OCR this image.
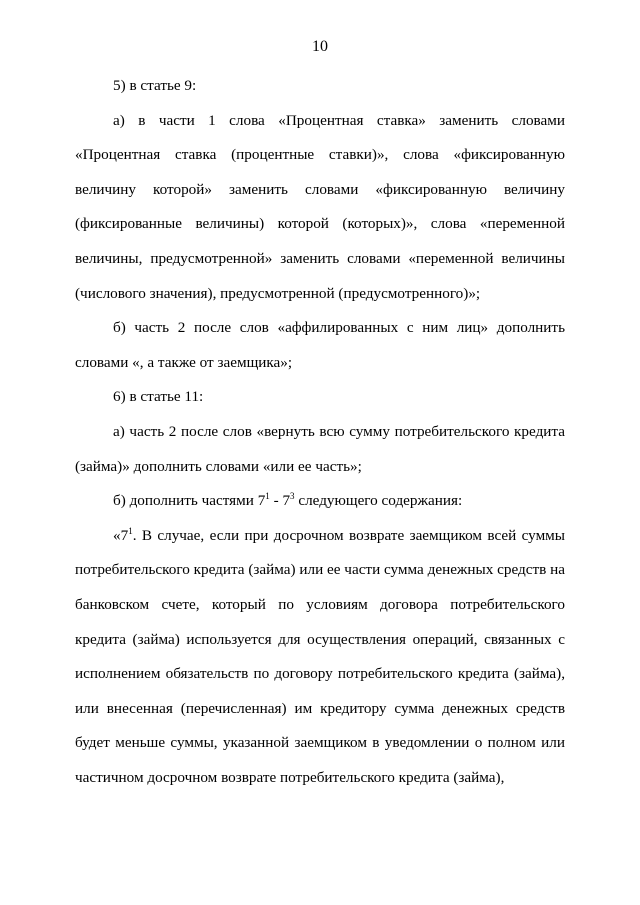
10

5) в статье 9:

а) в части 1 слова «Процентная ставка» заменить словами «Процентная ставка (процентные ставки)», слова «фиксированную величину которой» заменить словами «фиксированную величину (фиксированные величины) которой (которых)», слова «переменной величины, предусмотренной» заменить словами «переменной величины (числового значения), предусмотренной (предусмотренного)»;

б) часть 2 после слов «аффилированных с ним лиц» дополнить словами «, а также от заемщика»;

6) в статье 11:

а) часть 2 после слов «вернуть всю сумму потребительского кредита (займа)» дополнить словами «или ее часть»;

б) дополнить частями $7^1 - 7^3$ следующего содержания:

«$7^1$. В случае, если при досрочном возврате заемщиком всей суммы потребительского кредита (займа) или ее части сумма денежных средств на банковском счете, который по условиям договора потребительского кредита (займа) используется для осуществления операций, связанных с исполнением обязательств по договору потребительского кредита (займа), или внесенная (перечисленная) им кредитору сумма денежных средств будет меньше суммы, указанной заемщиком в уведомлении о полном или частичном досрочном возврате потребительского кредита (займа),
